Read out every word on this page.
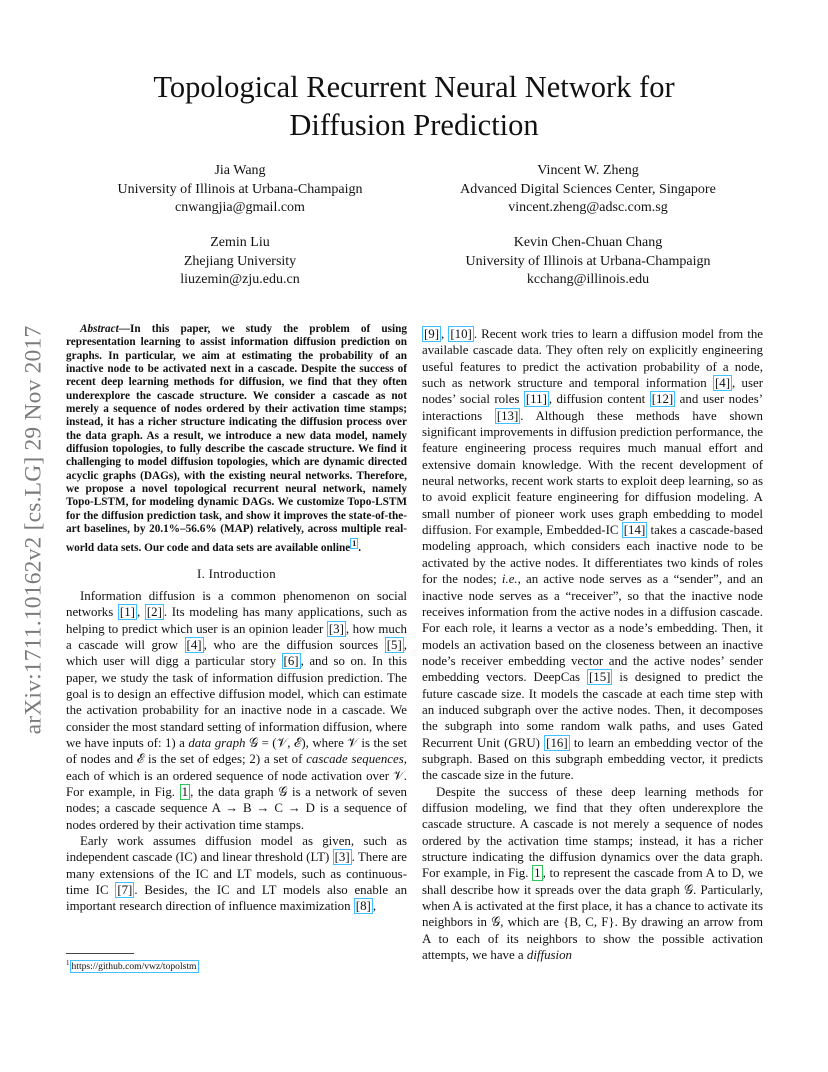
arXiv:1711.10162v2 [cs.LG] 29 Nov 2017
Topological Recurrent Neural Network for
Diffusion Prediction
Jia Wang
University of Illinois at Urbana-Champaign
cnwangjia@gmail.com
Vincent W. Zheng
Advanced Digital Sciences Center, Singapore
vincent.zheng@adsc.com.sg
Zemin Liu
Zhejiang University
liuzemin@zju.edu.cn
Kevin Chen-Chuan Chang
University of Illinois at Urbana-Champaign
kcchang@illinois.edu

Abstract—In this paper, we study the problem of using representation learning to assist information diffusion prediction on graphs. In particular, we aim at estimating the probability of an inactive node to be activated next in a cascade. Despite the success of recent deep learning methods for diffusion, we find that they often underexplore the cascade structure. We consider a cascade as not merely a sequence of nodes ordered by their activation time stamps; instead, it has a richer structure indicating the diffusion process over the data graph. As a result, we introduce a new data model, namely diffusion topologies, to fully describe the cascade structure. We find it challenging to model diffusion topologies, which are dynamic directed acyclic graphs (DAGs), with the existing neural networks. Therefore, we propose a novel topological recurrent neural network, namely Topo-LSTM, for modeling dynamic DAGs. We customize Topo-LSTM for the diffusion prediction task, and show it improves the state-of-the-art baselines, by 20.1%–56.6% (MAP) relatively, across multiple real-world data sets. Our code and data sets are available online $^1$ .

I. Introduction

Information diffusion is a common phenomenon on social networks [1] , [2] . Its modeling has many applications, such as helping to predict which user is an opinion leader [3] , how much a cascade will grow [4] , who are the diffusion sources [5] , which user will digg a particular story [6] , and so on. In this paper, we study the task of information diffusion prediction. The goal is to design an effective diffusion model, which can estimate the activation probability for an inactive node in a cascade. We consider the most standard setting of information diffusion, where we have inputs of: 1) a data graph 𝒢 = (𝒱, ℰ), where 𝒱 is the set of nodes and ℰ is the set of edges; 2) a set of cascade sequences, each of which is an ordered sequence of node activation over 𝒱. For example, in Fig. 1 , the data graph 𝒢 is a network of seven nodes; a cascade sequence A → B → C → D is a sequence of nodes ordered by their activation time stamps.

Early work assumes diffusion model as given, such as independent cascade (IC) and linear threshold (LT) [3] . There are many extensions of the IC and LT models, such as continuous-time IC [7] . Besides, the IC and LT models also enable an important research direction of influence maximization [8] ,

$^1$ https://github.com/vwz/topolstm

[9] , [10] . Recent work tries to learn a diffusion model from the available cascade data. They often rely on explicitly engineering useful features to predict the activation probability of a node, such as network structure and temporal information [4] , user nodes’ social roles [11] , diffusion content [12] and user nodes’ interactions [13] . Although these methods have shown significant improvements in diffusion prediction performance, the feature engineering process requires much manual effort and extensive domain knowledge. With the recent development of neural networks, recent work starts to exploit deep learning, so as to avoid explicit feature engineering for diffusion modeling. A small number of pioneer work uses graph embedding to model diffusion. For example, Embedded-IC [14] takes a cascade-based modeling approach, which considers each inactive node to be activated by the active nodes. It differentiates two kinds of roles for the nodes; i.e., an active node serves as a “sender”, and an inactive node serves as a “receiver”, so that the inactive node receives information from the active nodes in a diffusion cascade. For each role, it learns a vector as a node’s embedding. Then, it models an activation based on the closeness between an inactive node’s receiver embedding vector and the active nodes’ sender embedding vectors. DeepCas [15] is designed to predict the future cascade size. It models the cascade at each time step with an induced subgraph over the active nodes. Then, it decomposes the subgraph into some random walk paths, and uses Gated Recurrent Unit (GRU) [16] to learn an embedding vector of the subgraph. Based on this subgraph embedding vector, it predicts the cascade size in the future.

Despite the success of these deep learning methods for diffusion modeling, we find that they often underexplore the cascade structure. A cascade is not merely a sequence of nodes ordered by the activation time stamps; instead, it has a richer structure indicating the diffusion dynamics over the data graph. For example, in Fig. 1 , to represent the cascade from A to D, we shall describe how it spreads over the data graph 𝒢. Particularly, when A is activated at the first place, it has a chance to activate its neighbors in 𝒢, which are {B, C, F}. By drawing an arrow from A to each of its neighbors to show the possible activation attempts, we have a diffusion
